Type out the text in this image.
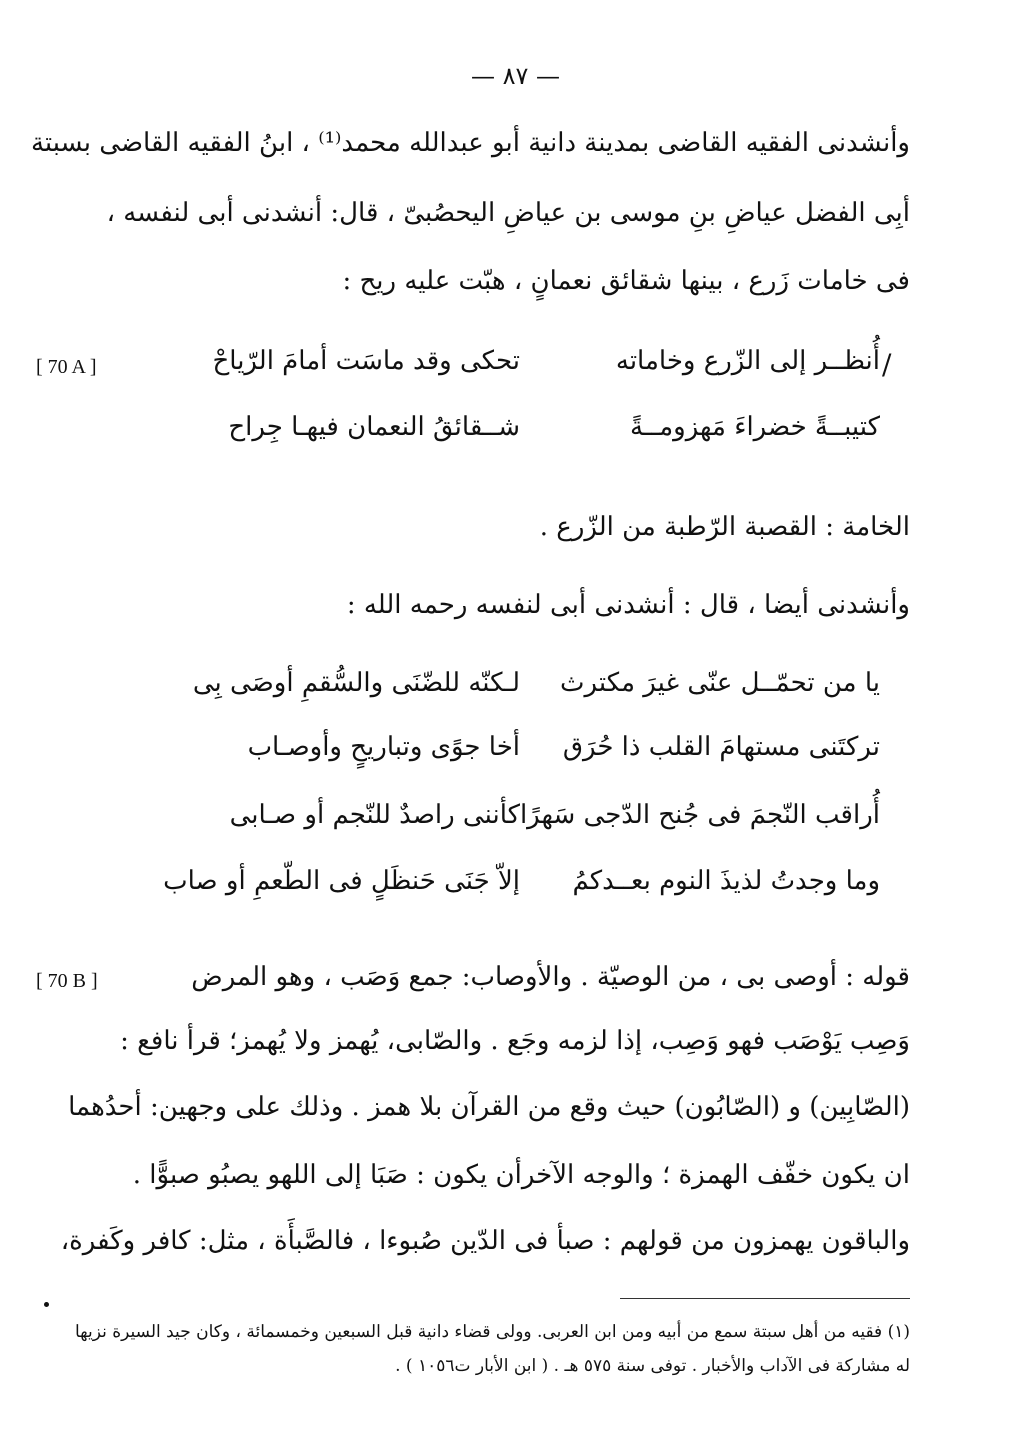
— ٨٧ —
وأنشدنى الفقيه القاضى بمدينة دانية أبو عبدالله محمد⁽¹⁾ ، ابنُ الفقيه القاضى بسبتة
أبِى الفضل عياضِ بنِ موسى بن عياضِ اليحصُبىّ ، قال: أنشدنى أبى لنفسه ،
فى خامات زَرع ، بينها شقائق نعمانٍ ، هبّت عليه ريح :
[ 70 A ]	/
أُنظــر إلى الزّرع وخاماته
تحكى وقد ماسَت أمامَ الرّياحْ
كتيبــةً خضراءَ مَهزومــةً
شــقائقُ النعمان فيهـا جِراح
الخامة : القصبة الرّطبة من الزّرع .
وأنشدنى أيضا ، قال : أنشدنى أبى لنفسه رحمه الله :
يا من تحمّــل عنّى غيرَ مكترث
لـكنّه للضّنَى والسُّقمِ أوصَى بِى
تركتَنى مستهامَ القلب ذا حُرَق
أخا جوًى وتباريحٍ وأوصـاب
أُراقب النّجمَ فى جُنح الدّجى سَهرًا
كأننى راصدٌ للنّجم أو صـابى
وما وجدتُ لذيذَ النوم بعــدكمُ
إلاّ جَنَى حَنظَلٍ فى الطّعمِ أو صاب
[ 70 B ]	قوله : أوصى بى ، من الوصيّة . والأوصاب: جمع وَصَب ، وهو المرض
وَصِب يَوْصَب فهو وَصِب، إذا لزمه وجَع . والصّابى، يُهمز ولا يُهمز؛ قرأ نافع :
(الصّابِين) و (الصّابُون) حيث وقع من القرآن بلا همز . وذلك على وجهين: أحدُهما
ان يكون خفّف الهمزة ؛ والوجه الآخرأن يكون : صَبَا إلى اللهو يصبُو صبوًّا .
والباقون يهمزون من قولهم : صبأ فى الدّين صُبوءا ، فالصَّبأَة ، مثل: كافر وكَفرة،
(١) فقيه من أهل سبتة سمع من أبيه ومن ابن العربى. وولى قضاء دانية قبل السبعين وخمسمائة ، وكان جيد السيرة نزيها
له مشاركة فى الآداب والأخبار . توفى سنة ٥٧٥ هـ . ( ابن الأبار ت١٠٥٦ ) .
